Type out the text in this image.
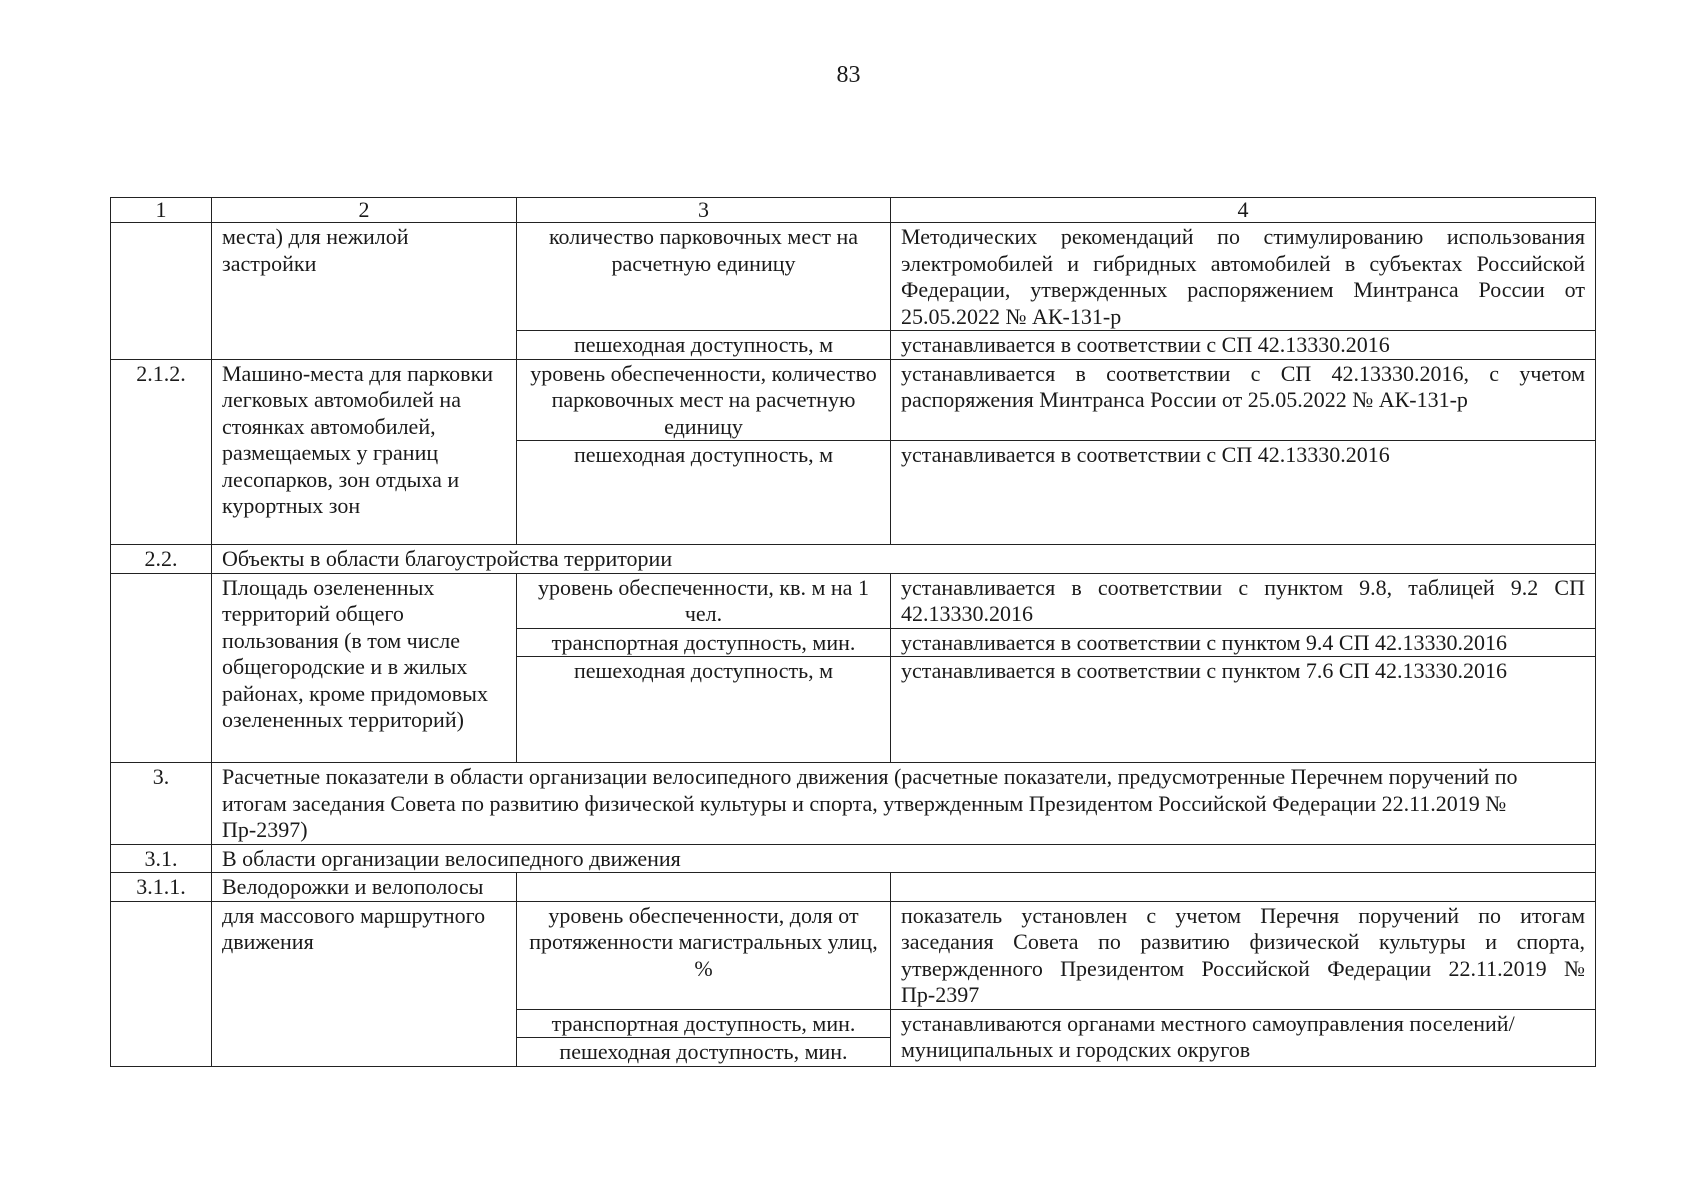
83
1	2	3	4
	места) для нежилой застройки	количество парковочных мест на расчетную единицу	Методических рекомендаций по стимулированию использования электромобилей и гибридных автомобилей в субъектах Российской Федерации, утвержденных распоряжением Минтранса России от 25.05.2022 № АК-131-р
		пешеходная доступность, м	устанавливается в соответствии с СП 42.13330.2016
2.1.2.	Машино-места для парковки легковых автомобилей на стоянках автомобилей, размещаемых у границ лесопарков, зон отдыха и курортных зон	уровень обеспеченности, количество парковочных мест на расчетную единицу	устанавливается в соответствии с СП 42.13330.2016, с учетом распоряжения Минтранса России от 25.05.2022 № АК-131-р
		пешеходная доступность, м	устанавливается в соответствии с СП 42.13330.2016
2.2.	Объекты в области благоустройства территории		
	Площадь озелененных территорий общего пользования (в том числе общегородские и в жилых районах, кроме придомовых озелененных территорий)	уровень обеспеченности, кв. м на 1 чел.	устанавливается в соответствии с пунктом 9.8, таблицей 9.2 СП 42.13330.2016
		транспортная доступность, мин.	устанавливается в соответствии с пунктом 9.4 СП 42.13330.2016
		пешеходная доступность, м	устанавливается в соответствии с пунктом 7.6 СП 42.13330.2016
3.	Расчетные показатели в области организации велосипедного движения (расчетные показатели, предусмотренные Перечнем поручений по итогам заседания Совета по развитию физической культуры и спорта, утвержденным Президентом Российской Федерации 22.11.2019 № Пр-2397)		
3.1.	В области организации велосипедного движения		
3.1.1.	Велодорожки и велополосы		
	для массового маршрутного движения	уровень обеспеченности, доля от протяженности магистральных улиц, %	показатель установлен с учетом Перечня поручений по итогам заседания Совета по развитию физической культуры и спорта, утвержденного Президентом Российской Федерации 22.11.2019 № Пр-2397
		транспортная доступность, мин.	устанавливаются органами местного самоуправления поселений/ муниципальных и городских округов
		пешеходная доступность, мин.	
